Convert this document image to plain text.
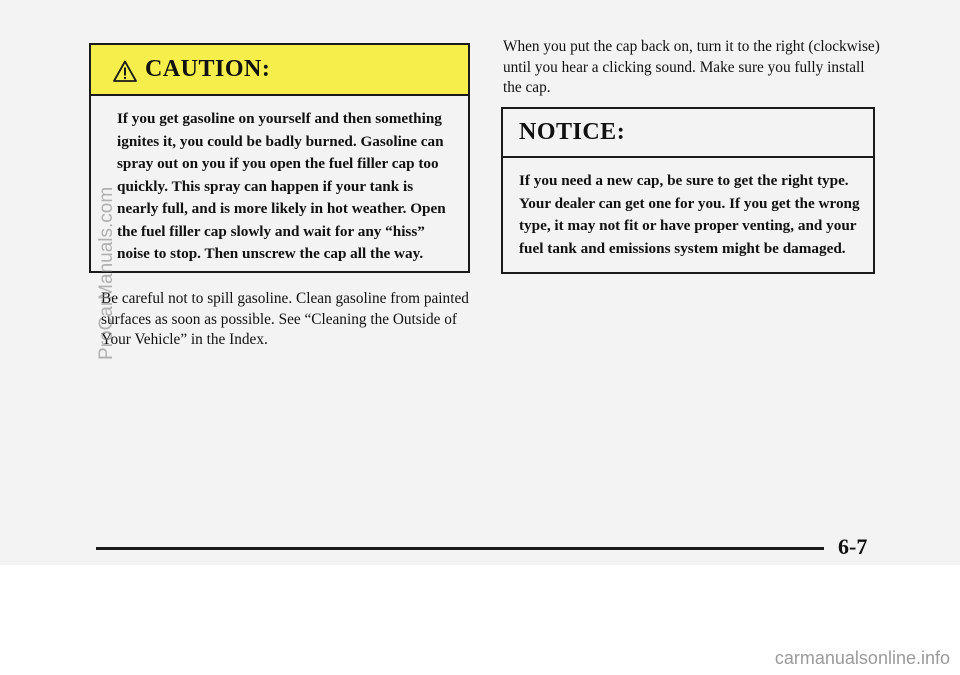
CAUTION:
If you get gasoline on yourself and then something ignites it, you could be badly burned. Gasoline can spray out on you if you open the fuel filler cap too quickly. This spray can happen if your tank is nearly full, and is more likely in hot weather. Open the fuel filler cap slowly and wait for any “hiss” noise to stop. Then unscrew the cap all the way.
Be careful not to spill gasoline. Clean gasoline from painted surfaces as soon as possible. See “Cleaning the Outside of Your Vehicle” in the Index.
When you put the cap back on, turn it to the right (clockwise) until you hear a clicking sound. Make sure you fully install the cap.
NOTICE:
If you need a new cap, be sure to get the right type. Your dealer can get one for you. If you get the wrong type, it may not fit or have proper venting, and your fuel tank and emissions system might be damaged.
6-7
ProCarManuals.com
carmanualsonline.info
